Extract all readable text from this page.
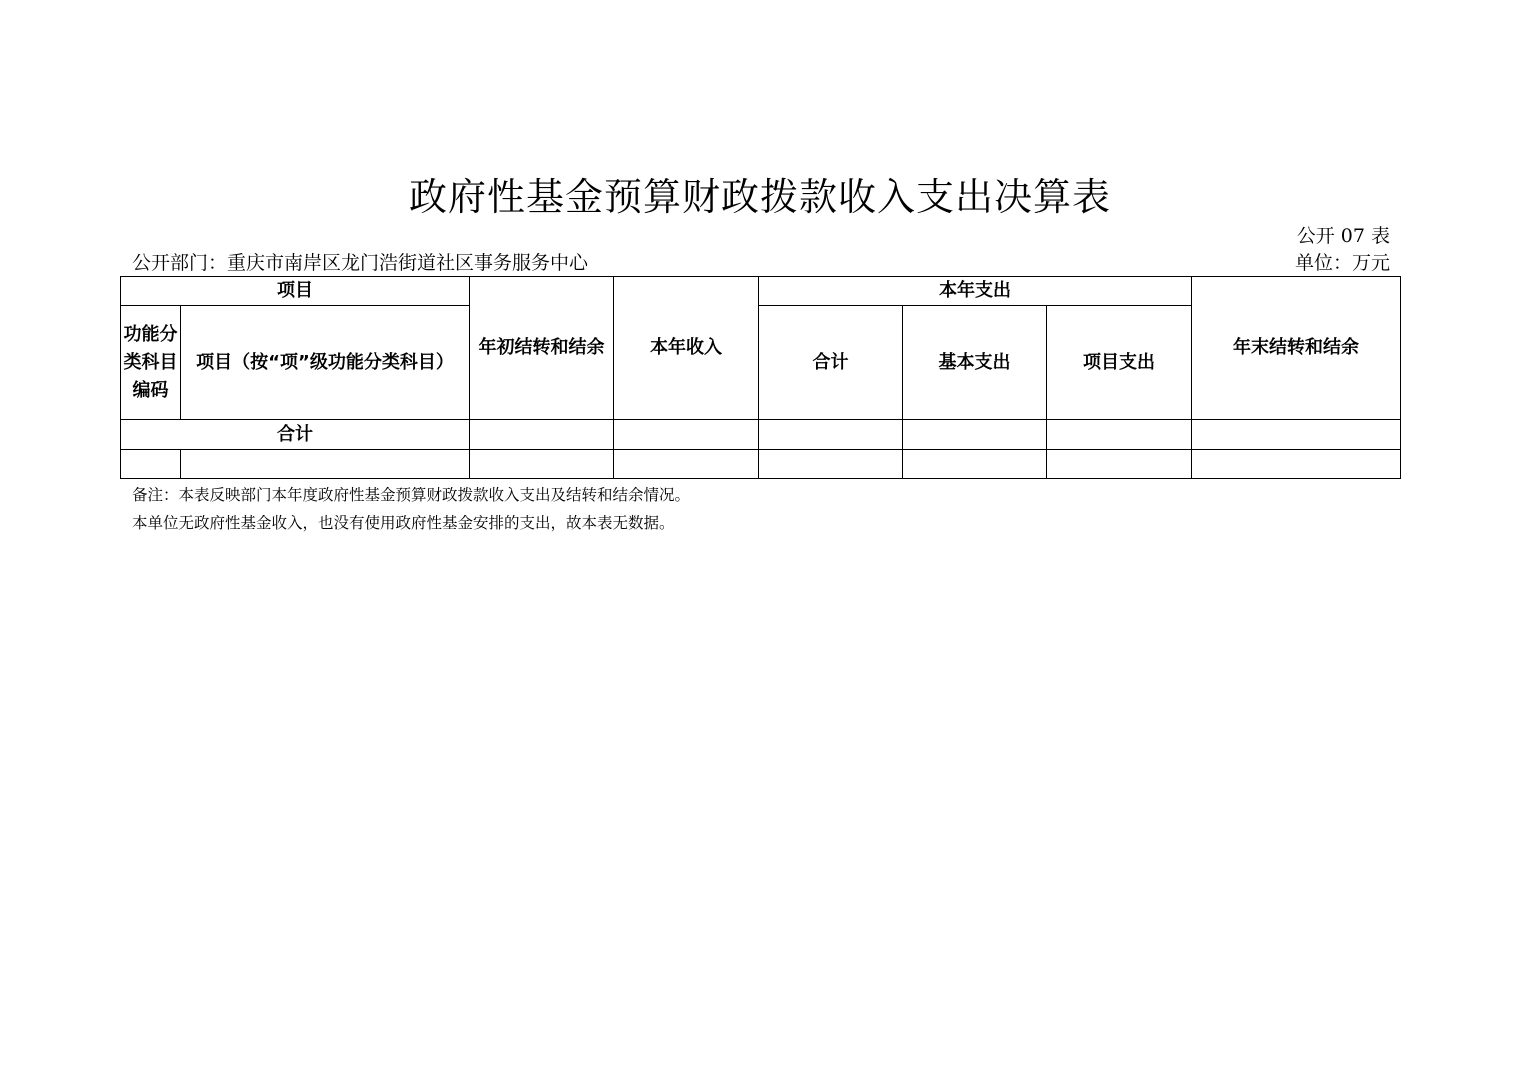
政府性基金预算财政拨款收入支出决算表
公开 07 表
公开部门：重庆市南岸区龙门浩街道社区事务服务中心	单位：万元
项目		年初结转和结余	本年收入	本年支出			年末结转和结余
功能分类科目编码	项目（按“项”级功能分类科目）			合计	基本支出	项目支出	
合计							

备注：本表反映部门本年度政府性基金预算财政拨款收入支出及结转和结余情况。
本单位无政府性基金收入，也没有使用政府性基金安排的支出，故本表无数据。
